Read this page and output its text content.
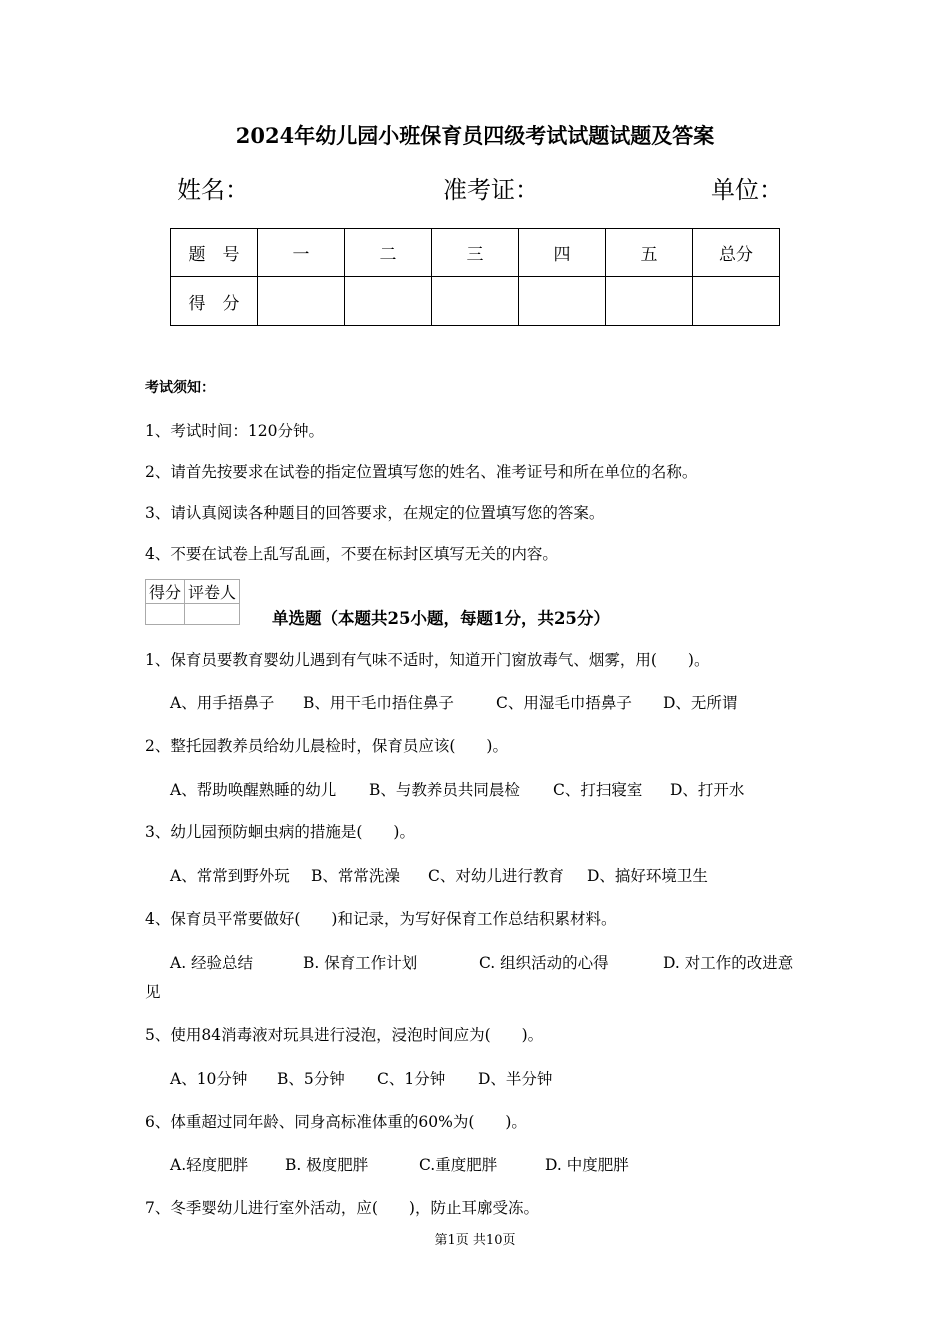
2024年幼儿园小班保育员四级考试试题试题及答案
姓名：	准考证：	单位：
题　号	一	二	三	四	五	总分
得　分						
考试须知：
1、考试时间：120分钟。
2、请首先按要求在试卷的指定位置填写您的姓名、准考证号和所在单位的名称。
3、请认真阅读各种题目的回答要求，在规定的位置填写您的答案。
4、不要在试卷上乱写乱画，不要在标封区填写无关的内容。
得分	评卷人

单选题（本题共25小题，每题1分，共25分）
1、保育员要教育婴幼儿遇到有气味不适时，知道开门窗放毒气、烟雾，用(　　)。
A、用手捂鼻子 B、用干毛巾捂住鼻子	C、用湿毛巾捂鼻子 D、无所谓
2、整托园教养员给幼儿晨检时，保育员应该(　　)。
A、帮助唤醒熟睡的幼儿 B、与教养员共同晨检 C、打扫寝室 D、打开水
3、幼儿园预防蛔虫病的措施是(　　)。
A、常常到野外玩 B、常常洗澡 C、对幼儿进行教育 D、搞好环境卫生
4、保育员平常要做好(　　)和记录，为写好保育工作总结积累材料。
A. 经验总结	B. 保育工作计划	C. 组织活动的心得	D. 对工作的改进意
见
5、使用84消毒液对玩具进行浸泡，浸泡时间应为(　　)。
A、10分钟 B、5分钟 C、1分钟 D、半分钟
6、体重超过同年龄、同身高标准体重的60%为(　　)。
A.轻度肥胖 B. 极度肥胖	C.重度肥胖	D. 中度肥胖
7、冬季婴幼儿进行室外活动，应(　　)，防止耳廓受冻。
第1页 共10页
